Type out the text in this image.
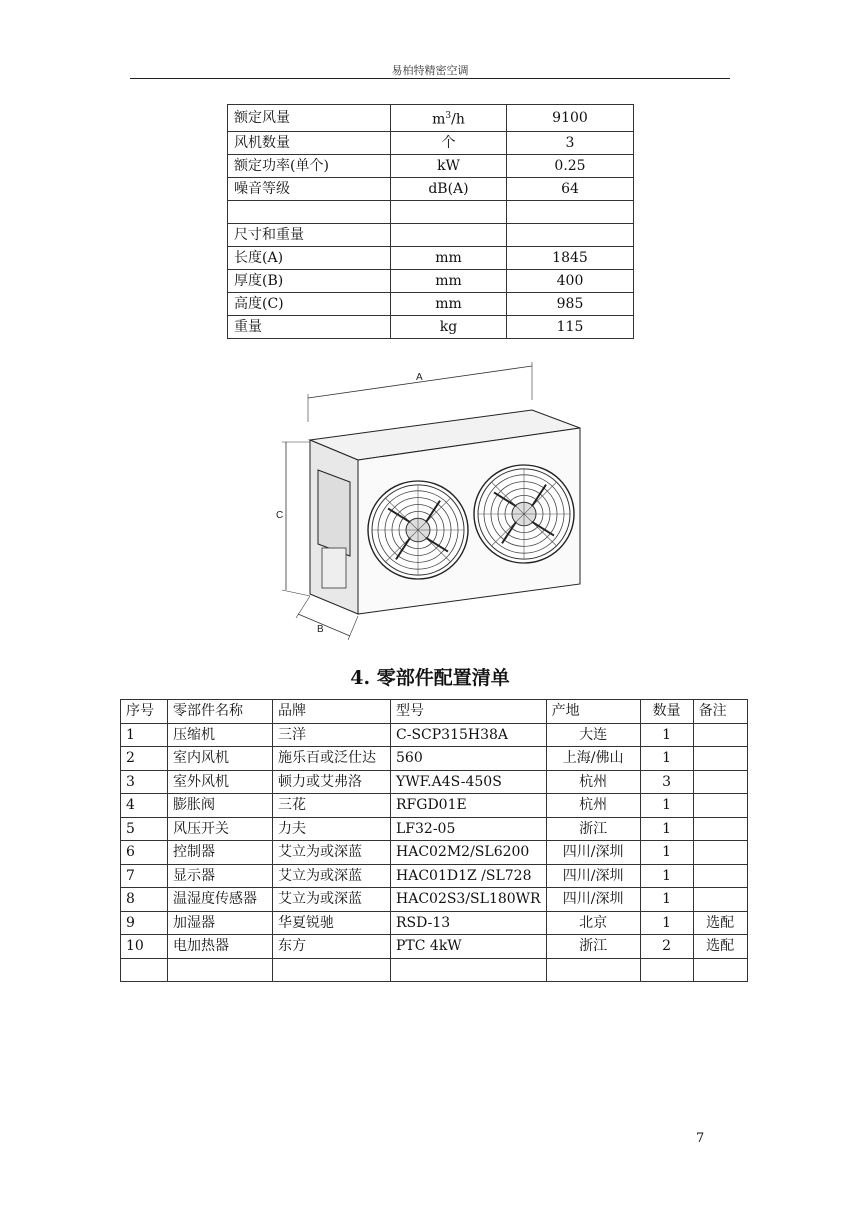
易柏特精密空调
额定风量	$m^3/h$	9100
风机数量	个	3
额定功率(单个)	kW	0.25
噪音等级	dB(A)	64

尺寸和重量		
长度(A)	mm	1845
厚度(B)	mm	400
高度(C)	mm	985
重量	kg	115
A
C
B
4. 零部件配置清单
序号	零部件名称	品牌	型号	产地	数量	备注
1	压缩机	三洋	C-SCP315H38A	大连	1	
2	室内风机	施乐百或泛仕达	560	上海/佛山	1	
3	室外风机	顿力或艾弗洛	YWF.A4S-450S	杭州	3	
4	膨胀阀	三花	RFGD01E	杭州	1	
5	风压开关	力夫	LF32-05	浙江	1	
6	控制器	艾立为或深蓝	HAC02M2/SL6200	四川/深圳	1	
7	显示器	艾立为或深蓝	HAC01D1Z /SL728	四川/深圳	1	
8	温湿度传感器	艾立为或深蓝	HAC02S3/SL180WR	四川/深圳	1	
9	加湿器	华夏锐驰	RSD-13	北京	1	选配
10	电加热器	东方	PTC 4kW	浙江	2	选配

7
